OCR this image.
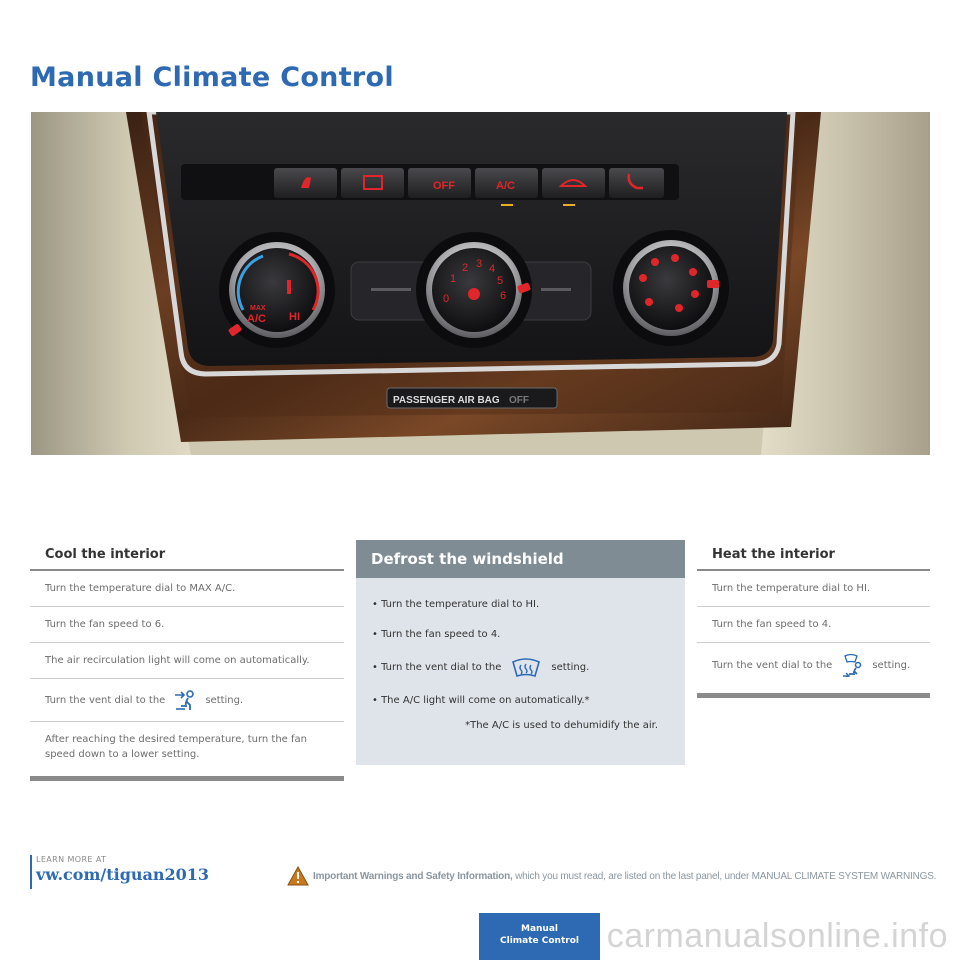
Manual Climate Control
OFF	A/C
MAX
A/C HI
0
1
2 3 4
5
6
PASSENGER AIR BAG OFF
Cool the interior
Turn the temperature dial to MAX A/C.
Turn the fan speed to 6.
The air recirculation light will come on automatically.
Turn the vent dial to the	setting.
After reaching the desired temperature, turn the fan speed down to a lower setting.
Defrost the windshield
• Turn the temperature dial to HI.
• Turn the fan speed to 4.
• Turn the vent dial to the	setting.
• The A/C light will come on automatically.*
*The A/C is used to dehumidify the air.
Heat the interior
Turn the temperature dial to HI.
Turn the fan speed to 4.
Turn the vent dial to the	setting.
LEARN MORE AT
vw.com/tiguan2013	Important Warnings and Safety Information, which you must read, are listed on the last panel, under MANUAL CLIMATE SYSTEM WARNINGS.
Manual
Climate Control carmanualsonline.info
